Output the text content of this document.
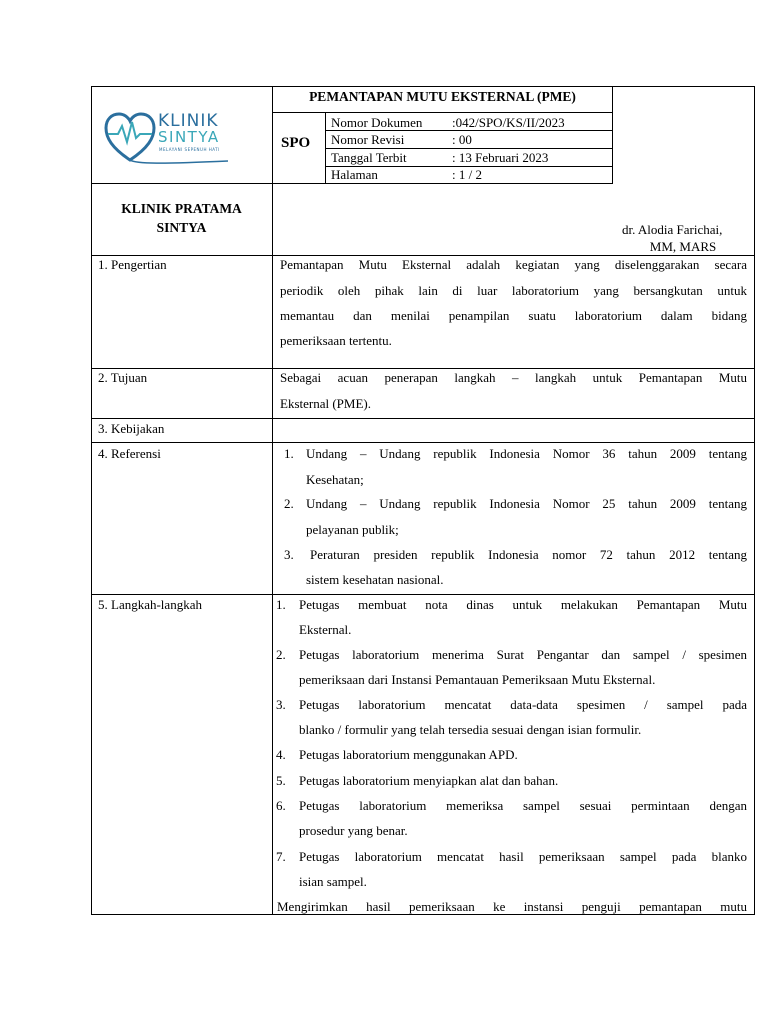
KLINIK
SINTYA
MELAYANI SEPENUH HATI
PEMANTAPAN MUTU EKSTERNAL (PME)
SPO
Nomor Dokumen :042/SPO/KS/II/2023
Nomor Revisi	: 00
Tanggal Terbit	: 13 Februari 2023
Halaman	: 1 / 2
KLINIK PRATAMA
SINTYA	dr. Alodia Farichai,
MM, MARS
1. Pengertian	Pemantapan Mutu Eksternal adalah kegiatan yang diselenggarakan secara
periodik oleh pihak lain di luar laboratorium yang bersangkutan untuk
memantau dan menilai penampilan suatu laboratorium dalam bidang
pemeriksaan tertentu.
2. Tujuan	Sebagai acuan penerapan langkah – langkah untuk Pemantapan Mutu
Eksternal (PME).
3. Kebijakan
4. Referensi	1. Undang – Undang republik Indonesia Nomor 36 tahun 2009 tentang
Kesehatan;
2. Undang – Undang republik Indonesia Nomor 25 tahun 2009 tentang
pelayanan publik;
3. Peraturan presiden republik Indonesia nomor 72 tahun 2012 tentang
sistem kesehatan nasional.
5. Langkah-langkah	1. Petugas membuat nota dinas untuk melakukan Pemantapan Mutu
Eksternal.
2. Petugas laboratorium menerima Surat Pengantar dan sampel / spesimen
pemeriksaan dari Instansi Pemantauan Pemeriksaan Mutu Eksternal.
3. Petugas laboratorium mencatat data-data spesimen / sampel pada
blanko / formulir yang telah tersedia sesuai dengan isian formulir.
4. Petugas laboratorium menggunakan APD.
5. Petugas laboratorium menyiapkan alat dan bahan.
6. Petugas laboratorium memeriksa sampel sesuai permintaan dengan
prosedur yang benar.
7. Petugas laboratorium mencatat hasil pemeriksaan sampel pada blanko
isian sampel.
Mengirimkan hasil pemeriksaan ke instansi penguji pemantapan mutu
